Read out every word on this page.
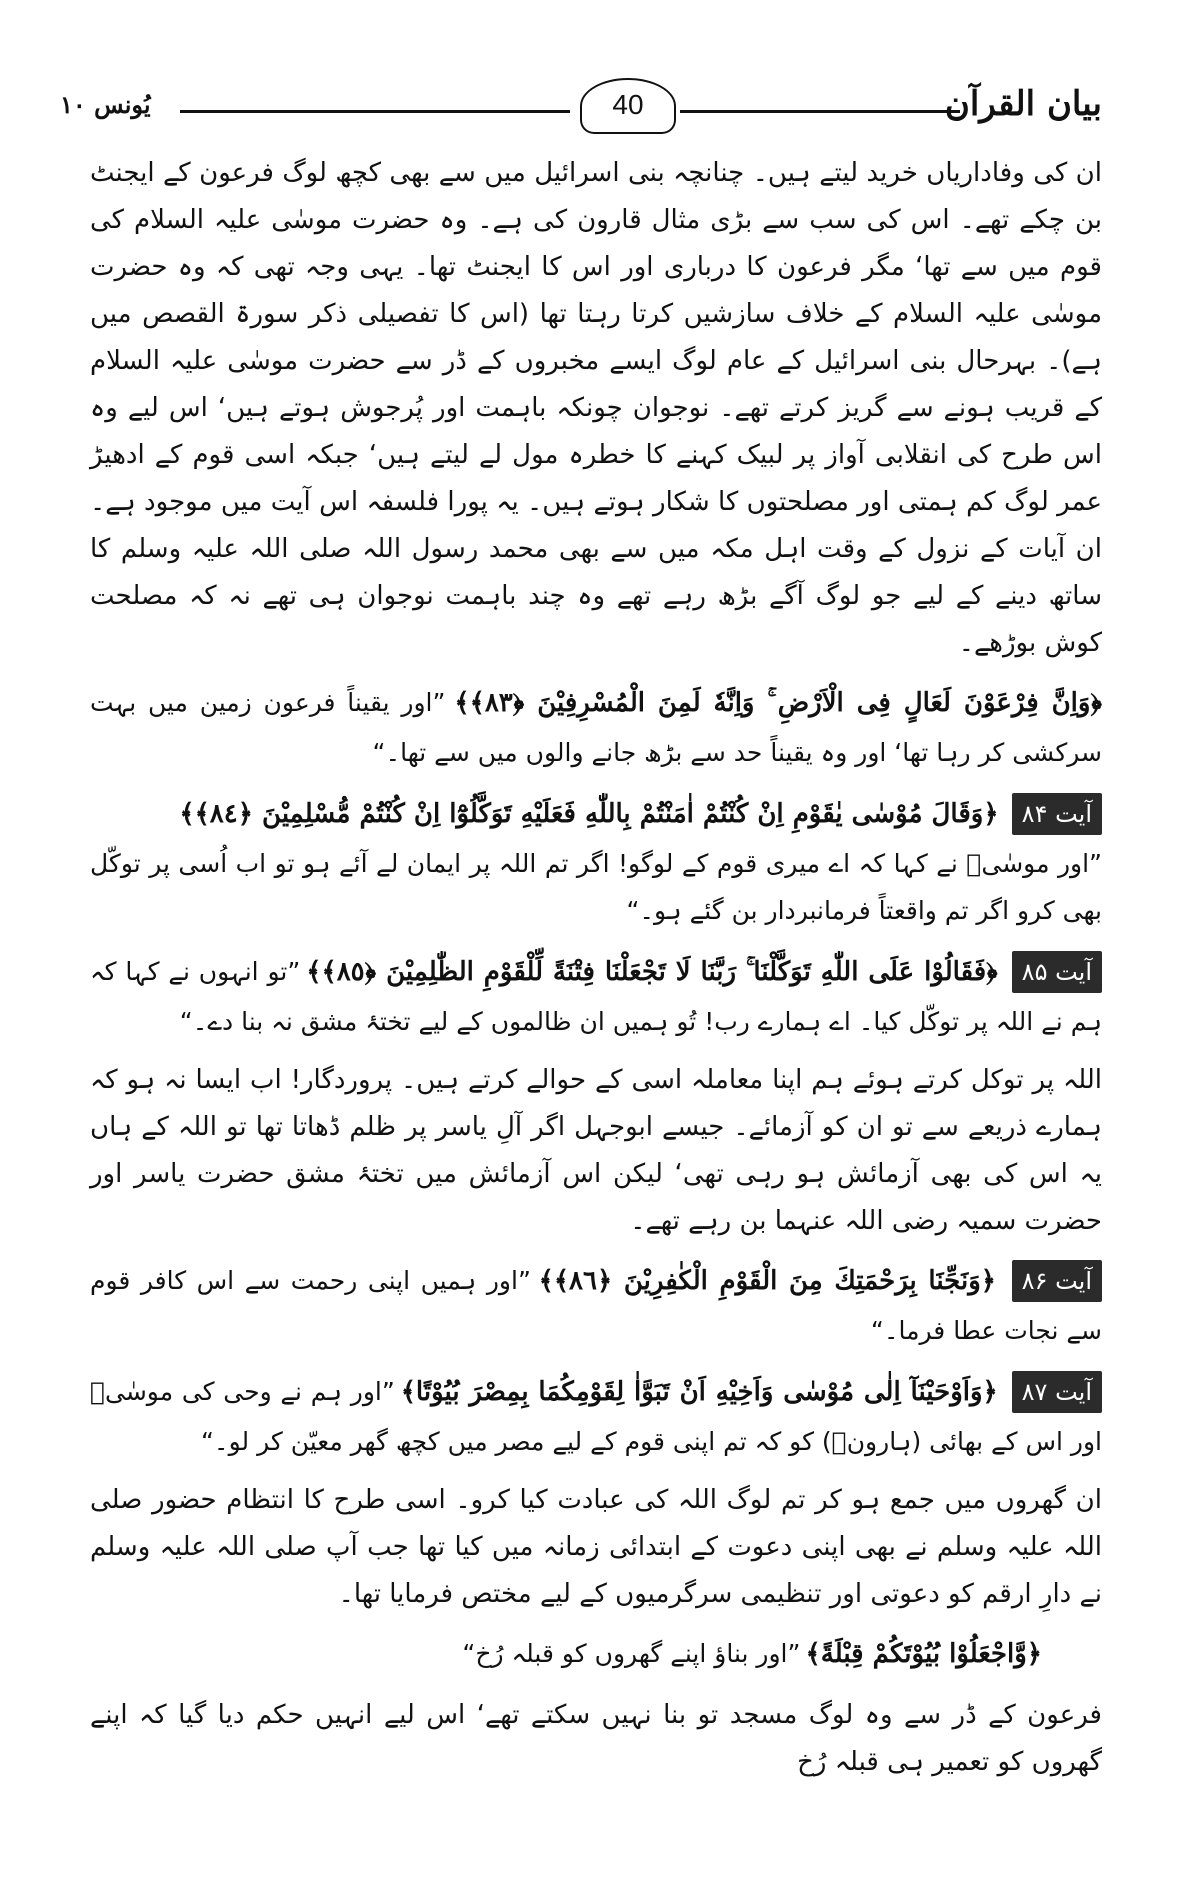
یُونس ۱۰	40	بیان القرآن

ان کی وفاداریاں خرید لیتے ہیں۔ چنانچہ بنی اسرائیل میں سے بھی کچھ لوگ فرعون کے ایجنٹ بن چکے تھے۔ اس کی سب سے بڑی مثال قارون کی ہے۔ وہ حضرت موسٰی علیہ السلام کی قوم میں سے تھا‘ مگر فرعون کا درباری اور اس کا ایجنٹ تھا۔ یہی وجہ تھی کہ وہ حضرت موسٰی علیہ السلام کے خلاف سازشیں کرتا رہتا تھا (اس کا تفصیلی ذکر سورۃ القصص میں ہے)۔ بہرحال بنی اسرائیل کے عام لوگ ایسے مخبروں کے ڈر سے حضرت موسٰی علیہ السلام کے قریب ہونے سے گریز کرتے تھے۔ نوجوان چونکہ باہمت اور پُرجوش ہوتے ہیں‘ اس لیے وہ اس طرح کی انقلابی آواز پر لبیک کہنے کا خطرہ مول لے لیتے ہیں‘ جبکہ اسی قوم کے ادھیڑ عمر لوگ کم ہمتی اور مصلحتوں کا شکار ہوتے ہیں۔ یہ پورا فلسفہ اس آیت میں موجود ہے۔ ان آیات کے نزول کے وقت اہل مکہ میں سے بھی محمد رسول اللہ صلی اللہ علیہ وسلم کا ساتھ دینے کے لیے جو لوگ آگے بڑھ رہے تھے وہ چند باہمت نوجوان ہی تھے نہ کہ مصلحت کوش بوڑھے۔

﴿وَاِنَّ فِرْعَوْنَ لَعَالٍ فِی الْاَرْضِ ۚ وَاِنَّهٗ لَمِنَ الْمُسْرِفِیْنَ ﴿٨٣﴾﴾ ”اور یقیناً فرعون زمین میں بہت سرکشی کر رہا تھا‘ اور وہ یقیناً حد سے بڑھ جانے والوں میں سے تھا۔“
آیت ۸۴ ﴿وَقَالَ مُوْسٰی یٰقَوْمِ اِنْ كُنْتُمْ اٰمَنْتُمْ بِاللّٰهِ فَعَلَیْهِ تَوَكَّلُوْٓا اِنْ كُنْتُمْ مُّسْلِمِیْنَ ﴿٨٤﴾﴾
”اور موسٰیؑ نے کہا کہ اے میری قوم کے لوگو! اگر تم اللہ پر ایمان لے آئے ہو تو اب اُسی پر توکّل بھی کرو اگر تم واقعتاً فرمانبردار بن گئے ہو۔“
آیت ۸۵ ﴿فَقَالُوْا عَلَی اللّٰهِ تَوَكَّلْنَا ۚ رَبَّنَا لَا تَجْعَلْنَا فِتْنَةً لِّلْقَوْمِ الظّٰلِمِیْنَ ﴿٨٥﴾﴾ ”تو انہوں نے کہا کہ ہم نے اللہ پر توکّل کیا۔ اے ہمارے رب! تُو ہمیں ان ظالموں کے لیے تختۂ مشق نہ بنا دے۔“

اللہ پر توکل کرتے ہوئے ہم اپنا معاملہ اسی کے حوالے کرتے ہیں۔ پروردگار! اب ایسا نہ ہو کہ ہمارے ذریعے سے تو ان کو آزمائے۔ جیسے ابوجہل اگر آلِ یاسر پر ظلم ڈھاتا تھا تو اللہ کے ہاں یہ اس کی بھی آزمائش ہو رہی تھی‘ لیکن اس آزمائش میں تختۂ مشق حضرت یاسر اور حضرت سمیہ رضی اللہ عنہما بن رہے تھے۔

آیت ۸۶ ﴿وَنَجِّنَا بِرَحْمَتِكَ مِنَ الْقَوْمِ الْكٰفِرِیْنَ ﴿٨٦﴾﴾ ”اور ہمیں اپنی رحمت سے اس کافر قوم سے نجات عطا فرما۔“
آیت ۸۷ ﴿وَاَوْحَیْنَآ اِلٰی مُوْسٰی وَاَخِیْهِ اَنْ تَبَوَّاٰ لِقَوْمِكُمَا بِمِصْرَ بُیُوْتًا﴾ ”اور ہم نے وحی کی موسٰیؑ اور اس کے بھائی (ہارونؑ) کو کہ تم اپنی قوم کے لیے مصر میں کچھ گھر معیّن کر لو۔“

ان گھروں میں جمع ہو کر تم لوگ اللہ کی عبادت کیا کرو۔ اسی طرح کا انتظام حضور صلی اللہ علیہ وسلم نے بھی اپنی دعوت کے ابتدائی زمانہ میں کیا تھا جب آپ صلی اللہ علیہ وسلم نے دارِ ارقم کو دعوتی اور تنظیمی سرگرمیوں کے لیے مختص فرمایا تھا۔

﴿وَّاجْعَلُوْا بُیُوْتَكُمْ قِبْلَةً﴾ ”اور بناؤ اپنے گھروں کو قبلہ رُخ“

فرعون کے ڈر سے وہ لوگ مسجد تو بنا نہیں سکتے تھے‘ اس لیے انہیں حکم دیا گیا کہ اپنے گھروں کو تعمیر ہی قبلہ رُخ
